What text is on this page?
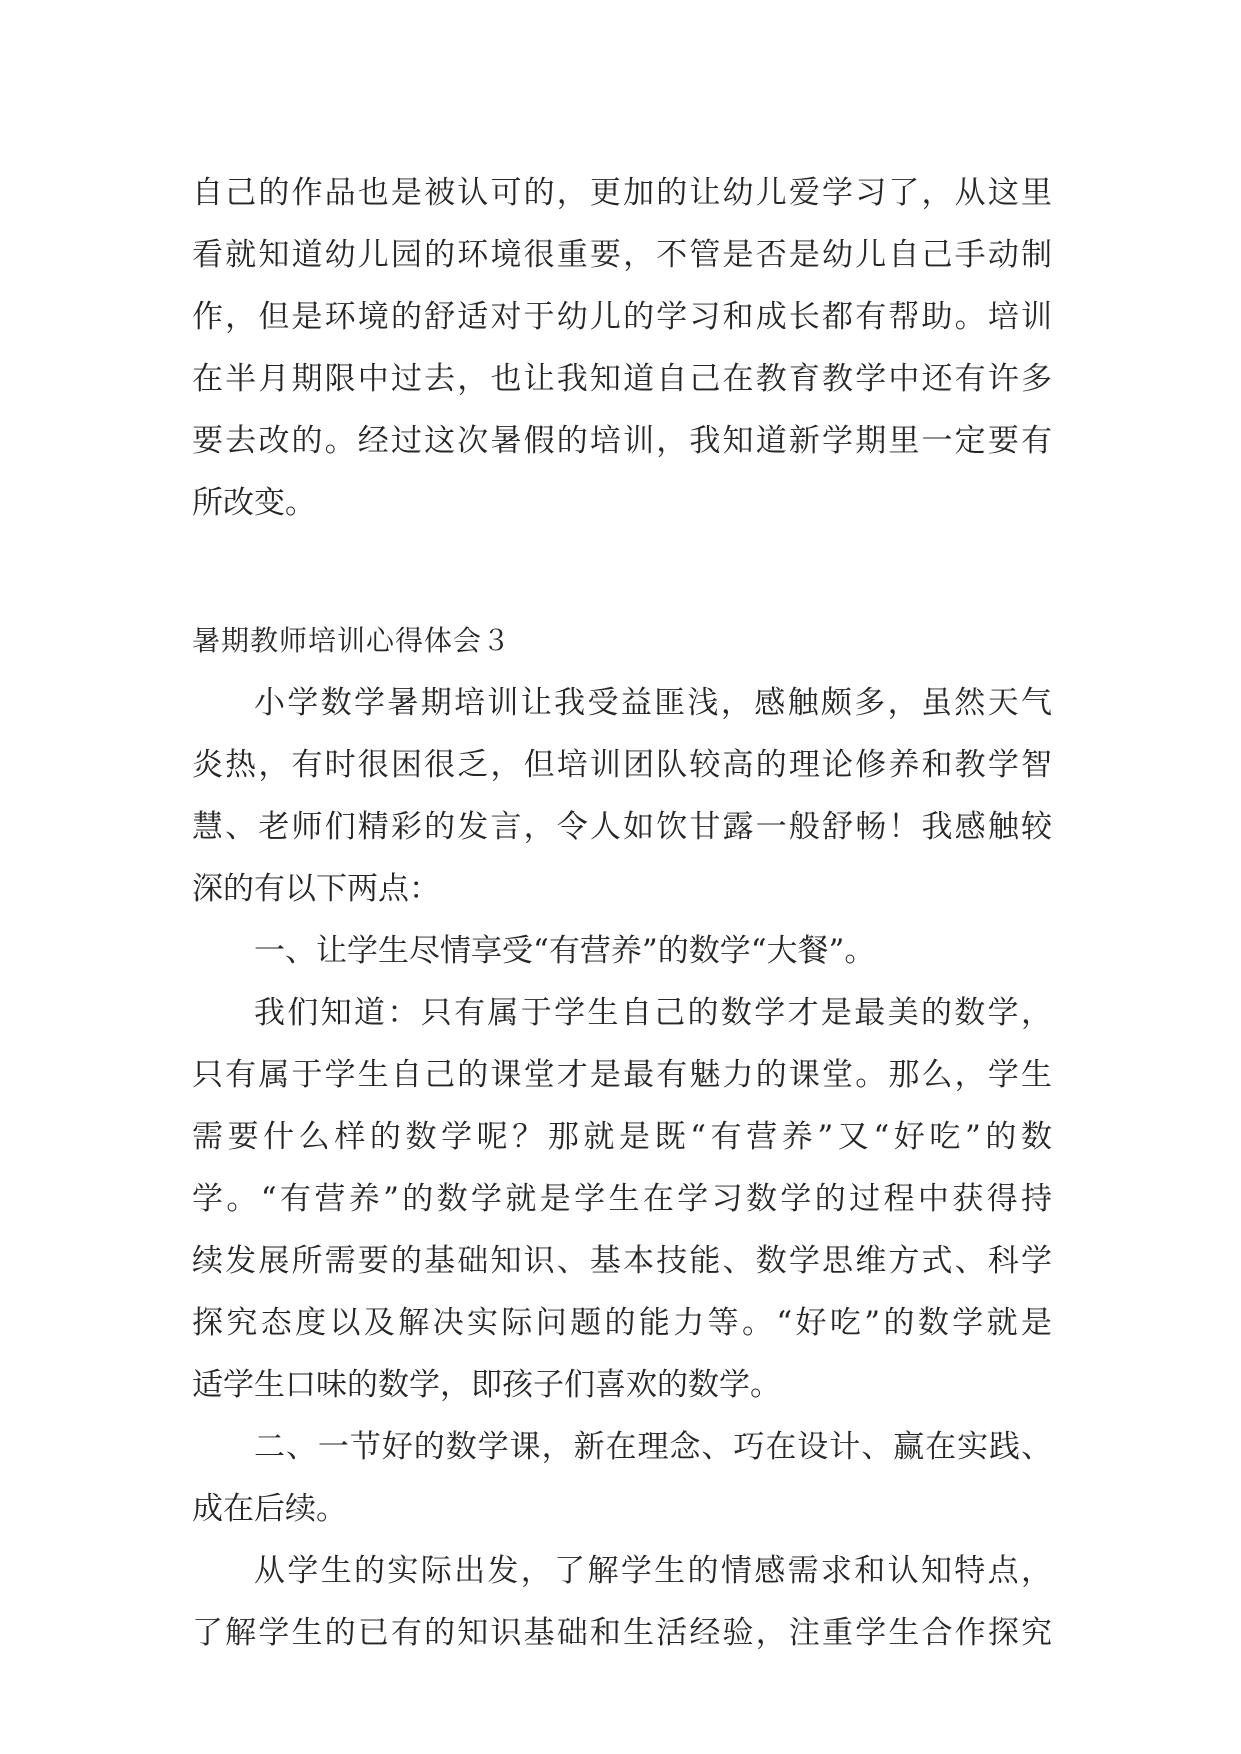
自己的作品也是被认可的，更加的让幼儿爱学习了，从这里
看就知道幼儿园的环境很重要，不管是否是幼儿自己手动制
作，但是环境的舒适对于幼儿的学习和成长都有帮助。培训
在半月期限中过去，也让我知道自己在教育教学中还有许多
要去改的。经过这次暑假的培训，我知道新学期里一定要有
所改变。
暑期教师培训心得体会３
小学数学暑期培训让我受益匪浅，感触颇多，虽然天气
炎热，有时很困很乏，但培训团队较高的理论修养和教学智
慧、老师们精彩的发言，令人如饮甘露一般舒畅！我感触较
深的有以下两点：
一、让学生尽情享受“有营养”的数学“大餐”。
我们知道：只有属于学生自己的数学才是最美的数学，
只有属于学生自己的课堂才是最有魅力的课堂。那么，学生
需要什么样的数学呢？那就是既“有营养”又“好吃”的数
学。“有营养”的数学就是学生在学习数学的过程中获得持
续发展所需要的基础知识、基本技能、数学思维方式、科学
探究态度以及解决实际问题的能力等。“好吃”的数学就是
适学生口味的数学，即孩子们喜欢的数学。
二、一节好的数学课，新在理念、巧在设计、赢在实践、
成在后续。
从学生的实际出发，了解学生的情感需求和认知特点，
了解学生的已有的知识基础和生活经验，注重学生合作探究
